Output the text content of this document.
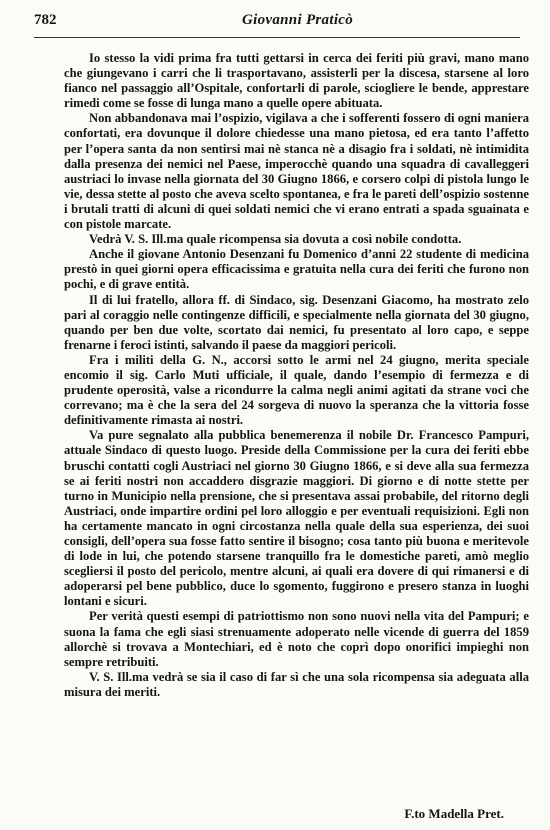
782	Giovanni Praticò

Io stesso la vidi prima fra tutti gettarsi in cerca dei feriti più gravi, mano mano che giungevano i carri che li trasportavano, assisterli per la discesa, starsene al loro fianco nel passaggio all’Ospitale, confortarli di parole, sciogliere le bende, apprestare rimedi come se fosse di lunga mano a quelle opere abituata.

Non abbandonava mai l’ospizio, vigilava a che i sofferenti fossero di ogni maniera confortati, era dovunque il dolore chiedesse una mano pietosa, ed era tanto l’affetto per l’opera santa da non sentirsi mai nè stanca nè a disagio fra i soldati, nè intimidita dalla presenza dei nemici nel Paese, imperocchè quando una squadra di cavalleggeri austriaci lo invase nella giornata del 30 Giugno 1866, e corsero colpi di pistola lungo le vie, dessa stette al posto che aveva scelto spontanea, e fra le pareti dell’ospizio sostenne i brutali tratti di alcuni di quei soldati nemici che vi erano entrati a spada sguainata e con pistole marcate.

Vedrà V. S. Ill.ma quale ricompensa sia dovuta a così nobile condotta.

Anche il giovane Antonio Desenzani fu Domenico d’anni 22 studente di medicina prestò in quei giorni opera efficacissima e gratuita nella cura dei feriti che furono non pochi, e di grave entità.

Il di lui fratello, allora ff. di Sindaco, sig. Desenzani Giacomo, ha mostrato zelo pari al coraggio nelle contingenze difficili, e specialmente nella giornata del 30 giugno, quando per ben due volte, scortato dai nemici, fu presentato al loro capo, e seppe frenarne i feroci istinti, salvando il paese da maggiori pericoli.

Fra i militi della G. N., accorsi sotto le armi nel 24 giugno, merita speciale encomio il sig. Carlo Muti ufficiale, il quale, dando l’esempio di fermezza e di prudente operosità, valse a ricondurre la calma negli animi agitati da strane voci che correvano; ma è che la sera del 24 sorgeva di nuovo la speranza che la vittoria fosse definitivamente rimasta ai nostri.

Va pure segnalato alla pubblica benemerenza il nobile Dr. Francesco Pampuri, attuale Sindaco di questo luogo. Preside della Commissione per la cura dei feriti ebbe bruschi contatti cogli Austriaci nel giorno 30 Giugno 1866, e si deve alla sua fermezza se ai feriti nostri non accaddero disgrazie maggiori. Di giorno e di notte stette per turno in Municipio nella prensione, che si presentava assai probabile, del ritorno degli Austriaci, onde impartire ordini pel loro alloggio e per eventuali requisizioni. Egli non ha certamente mancato in ogni circostanza nella quale della sua esperienza, dei suoi consigli, dell’opera sua fosse fatto sentire il bisogno; cosa tanto più buona e meritevole di lode in lui, che potendo starsene tranquillo fra le domestiche pareti, amò meglio scegliersi il posto del pericolo, mentre alcuni, ai quali era dovere di qui rimanersi e di adoperarsi pel bene pubblico, duce lo sgomento, fuggirono e presero stanza in luoghi lontani e sicuri.

Per verità questi esempi di patriottismo non sono nuovi nella vita del Pampuri; e suona la fama che egli siasi strenuamente adoperato nelle vicende di guerra del 1859 allorchè si trovava a Montechiari, ed è noto che coprì dopo onorifici impieghi non sempre retribuiti.

V. S. Ill.ma vedrà se sia il caso di far sì che una sola ricompensa sia adeguata alla misura dei meriti.

F.to Madella Pret.
